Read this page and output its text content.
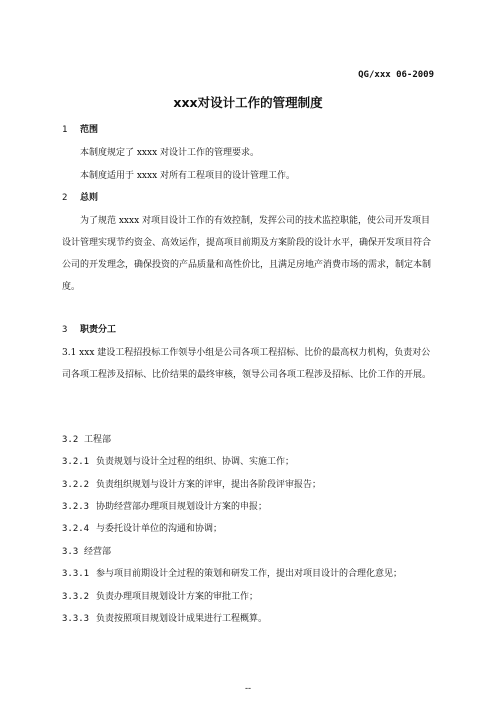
QG/xxx 06-2009
xxx对设计工作的管理制度
1 范围
本制度规定了 xxxx 对设计工作的管理要求。
本制度适用于 xxxx 对所有工程项目的设计管理工作。
2 总则
为了规范 xxxx 对项目设计工作的有效控制，发挥公司的技术监控职能，使公司开发项目设计管理实现节约资金、高效运作，提高项目前期及方案阶段的设计水平，确保开发项目符合公司的开发理念，确保投资的产品质量和高性价比，且满足房地产消费市场的需求，制定本制度。
3 职责分工
3.1 xxx 建设工程招投标工作领导小组是公司各项工程招标、比价的最高权力机构，负责对公司各项工程涉及招标、比价结果的最终审核，领导公司各项工程涉及招标、比价工作的开展。
3.2 工程部
3.2.1 负责规划与设计全过程的组织、协调、实施工作；
3.2.2 负责组织规划与设计方案的评审，提出各阶段评审报告；
3.2.3 协助经营部办理项目规划设计方案的申报；
3.2.4 与委托设计单位的沟通和协调；
3.3 经营部
3.3.1 参与项目前期设计全过程的策划和研发工作，提出对项目设计的合理化意见；
3.3.2 负责办理项目规划设计方案的审批工作；
3.3.3 负责按照项目规划设计成果进行工程概算。
--
